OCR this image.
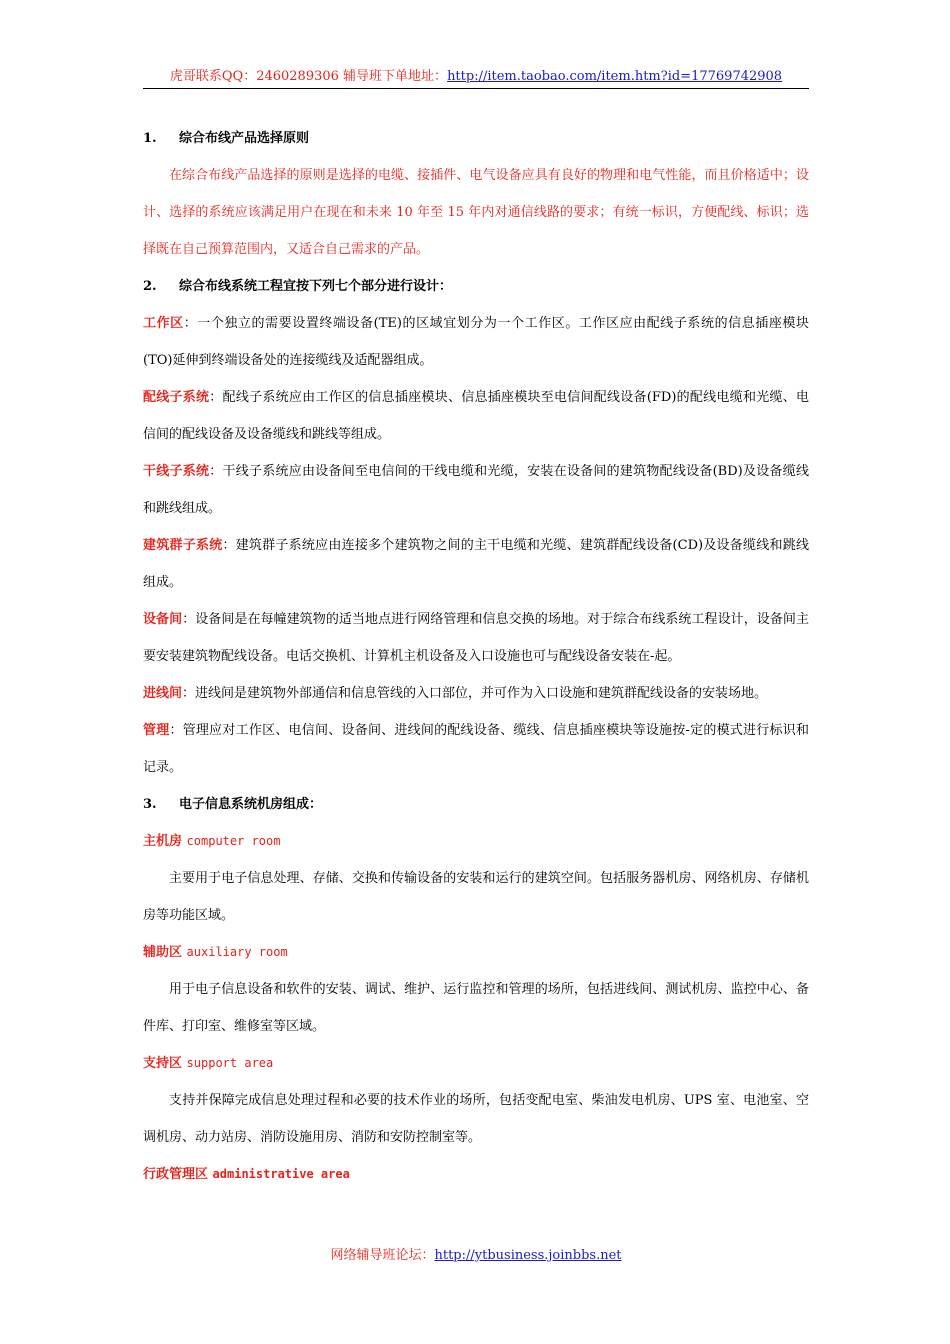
虎哥联系QQ：2460289306 辅导班下单地址：http://item.taobao.com/item.htm?id=17769742908
1. 综合布线产品选择原则

在综合布线产品选择的原则是选择的电缆、接插件、电气设备应具有良好的物理和电气性能，而且价格适中；设计、选择的系统应该满足用户在现在和未来 10 年至 15 年内对通信线路的要求；有统一标识，方便配线、标识；选择既在自己预算范围内，又适合自己需求的产品。

2. 综合布线系统工程宜按下列七个部分进行设计：

工作区：一个独立的需要设置终端设备(TE)的区域宜划分为一个工作区。工作区应由配线子系统的信息插座模块(TO)延伸到终端设备处的连接缆线及适配器组成。

配线子系统：配线子系统应由工作区的信息插座模块、信息插座模块至电信间配线设备(FD)的配线电缆和光缆、电信间的配线设备及设备缆线和跳线等组成。

干线子系统：干线子系统应由设备间至电信间的干线电缆和光缆，安装在设备间的建筑物配线设备(BD)及设备缆线和跳线组成。

建筑群子系统：建筑群子系统应由连接多个建筑物之间的主干电缆和光缆、建筑群配线设备(CD)及设备缆线和跳线组成。

设备间：设备间是在每幢建筑物的适当地点进行网络管理和信息交换的场地。对于综合布线系统工程设计，设备间主要安装建筑物配线设备。电话交换机、计算机主机设备及入口设施也可与配线设备安装在-起。

进线间：进线间是建筑物外部通信和信息管线的入口部位，并可作为入口设施和建筑群配线设备的安装场地。

管理：管理应对工作区、电信间、设备间、进线间的配线设备、缆线、信息插座模块等设施按-定的模式进行标识和记录。

3. 电子信息系统机房组成：
主机房 computer room

主要用于电子信息处理、存储、交换和传输设备的安装和运行的建筑空间。包括服务器机房、网络机房、存储机房等功能区域。

辅助区 auxiliary room

用于电子信息设备和软件的安装、调试、维护、运行监控和管理的场所，包括进线间、测试机房、监控中心、备件库、打印室、维修室等区域。

支持区 support area

支持并保障完成信息处理过程和必要的技术作业的场所，包括变配电室、柴油发电机房、UPS 室、电池室、空调机房、动力站房、消防设施用房、消防和安防控制室等。

行政管理区 administrative area
网络辅导班论坛：http://ytbusiness.joinbbs.net
